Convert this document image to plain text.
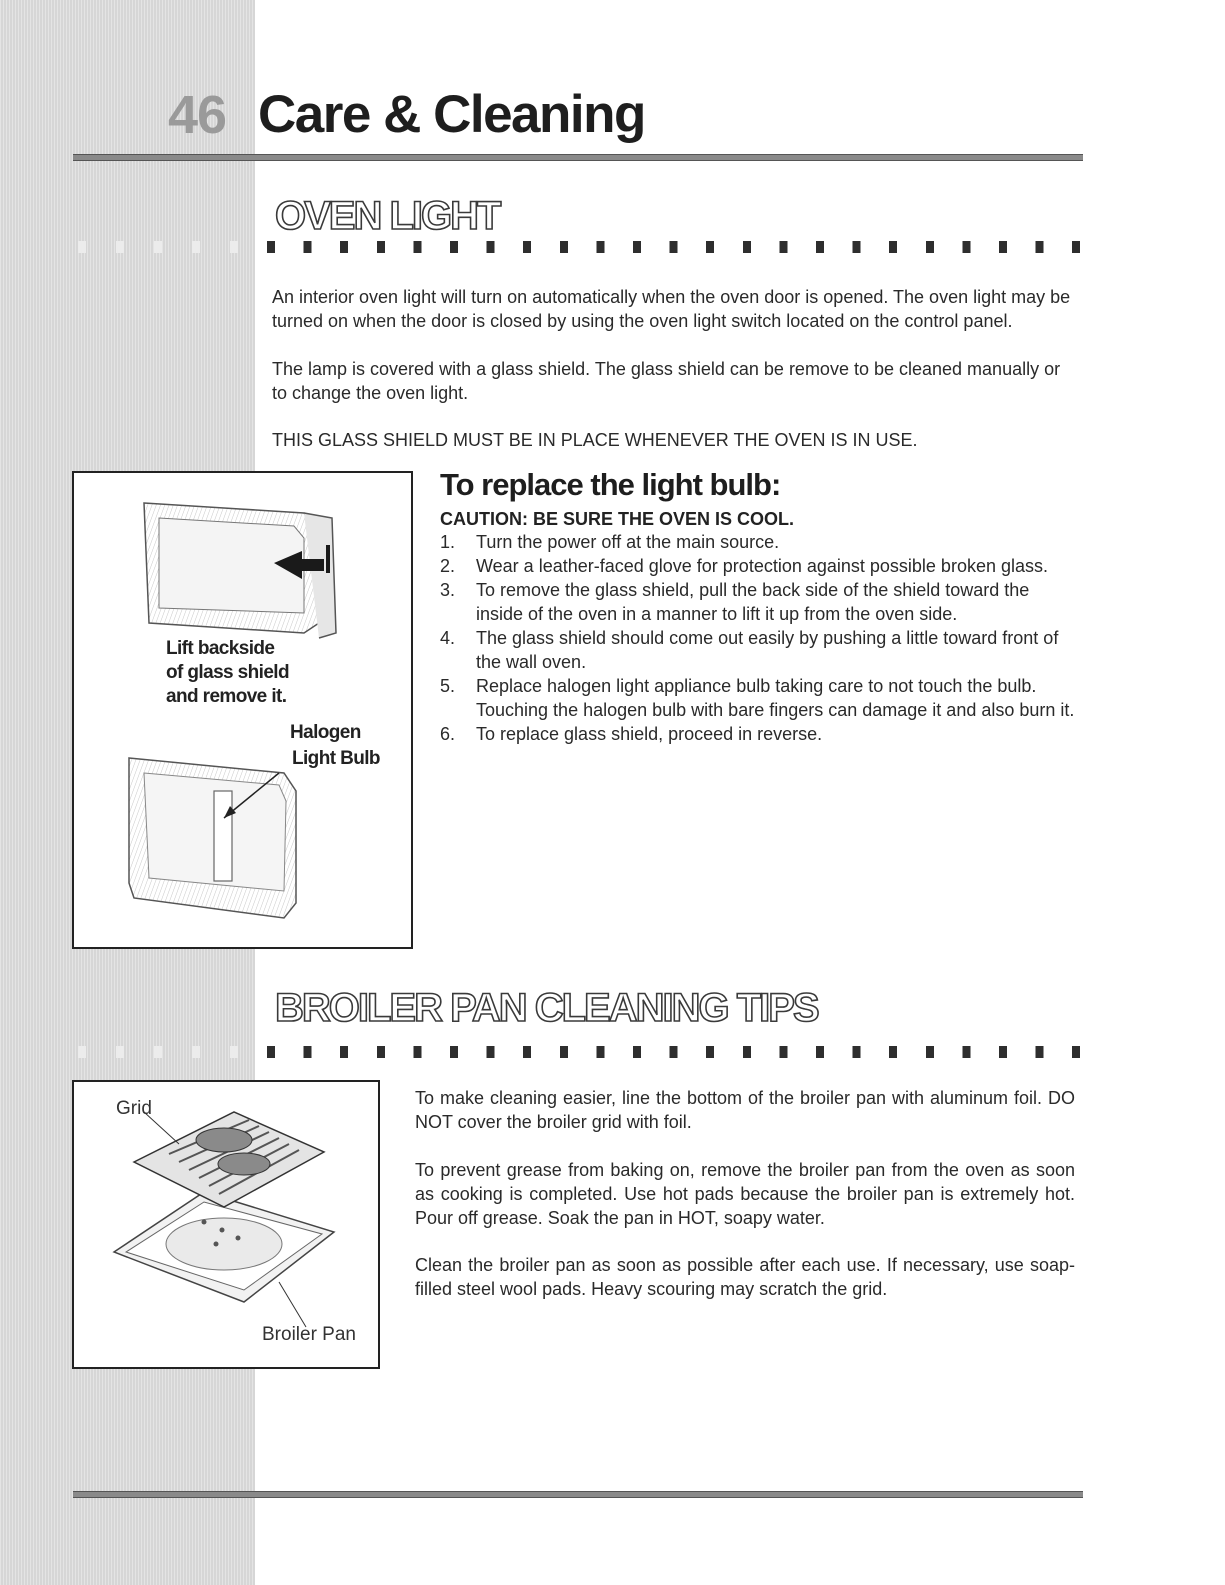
46 Care & Cleaning
OVEN LIGHT
An interior oven light will turn on automatically when the oven door is opened. The oven light may be turned on when the door is closed by using the oven light switch located on the control panel.
The lamp is covered with a glass shield. The glass shield can be remove to be cleaned manually or to change the oven light.
THIS GLASS SHIELD MUST BE IN PLACE WHENEVER THE OVEN IS IN USE.
Lift backside
of glass shield
and remove it.
Halogen
Light Bulb
To replace the light bulb:
CAUTION: BE SURE THE OVEN IS COOL.
1. Turn the power off at the main source.
2. Wear a leather-faced glove for protection against possible broken glass.
3. To remove the glass shield, pull the back side of the shield toward the inside of the oven in a manner to lift it up from the oven side.
4. The glass shield should come out easily by pushing a little toward front of the wall oven.
5. Replace halogen light appliance bulb taking care to not touch the bulb. Touching the halogen bulb with bare fingers can damage it and also burn it.
6. To replace glass shield, proceed in reverse.
BROILER PAN CLEANING TIPS
Grid
Broiler Pan
To make cleaning easier, line the bottom of the broiler pan with aluminum foil. DO NOT cover the broiler grid with foil.
To prevent grease from baking on, remove the broiler pan from the oven as soon as cooking is completed. Use hot pads because the broiler pan is extremely hot. Pour off grease. Soak the pan in HOT, soapy water.
Clean the broiler pan as soon as possible after each use. If necessary, use soap-filled steel wool pads. Heavy scouring may scratch the grid.
